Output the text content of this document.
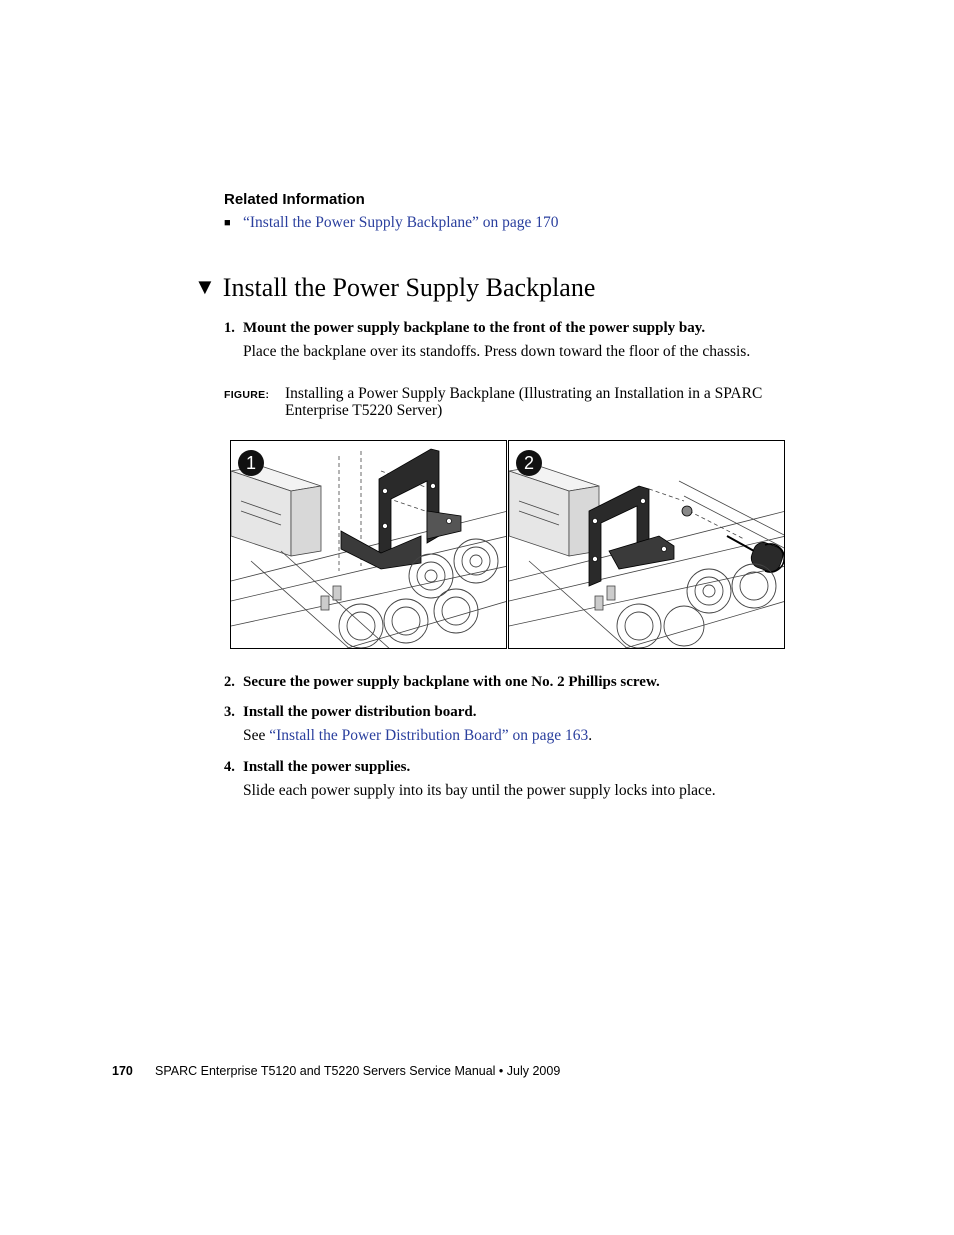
Related Information
■ “Install the Power Supply Backplane” on page 170
▼ Install the Power Supply Backplane
1. Mount the power supply backplane to the front of the power supply bay.
Place the backplane over its standoffs. Press down toward the floor of the chassis.
FIGURE: Installing a Power Supply Backplane (Illustrating an Installation in a SPARC Enterprise T5220 Server)
1	2
2. Secure the power supply backplane with one No. 2 Phillips screw.
3. Install the power distribution board.
See “Install the Power Distribution Board” on page 163.
4. Install the power supplies.
Slide each power supply into its bay until the power supply locks into place.
170 SPARC Enterprise T5120 and T5220 Servers Service Manual • July 2009
